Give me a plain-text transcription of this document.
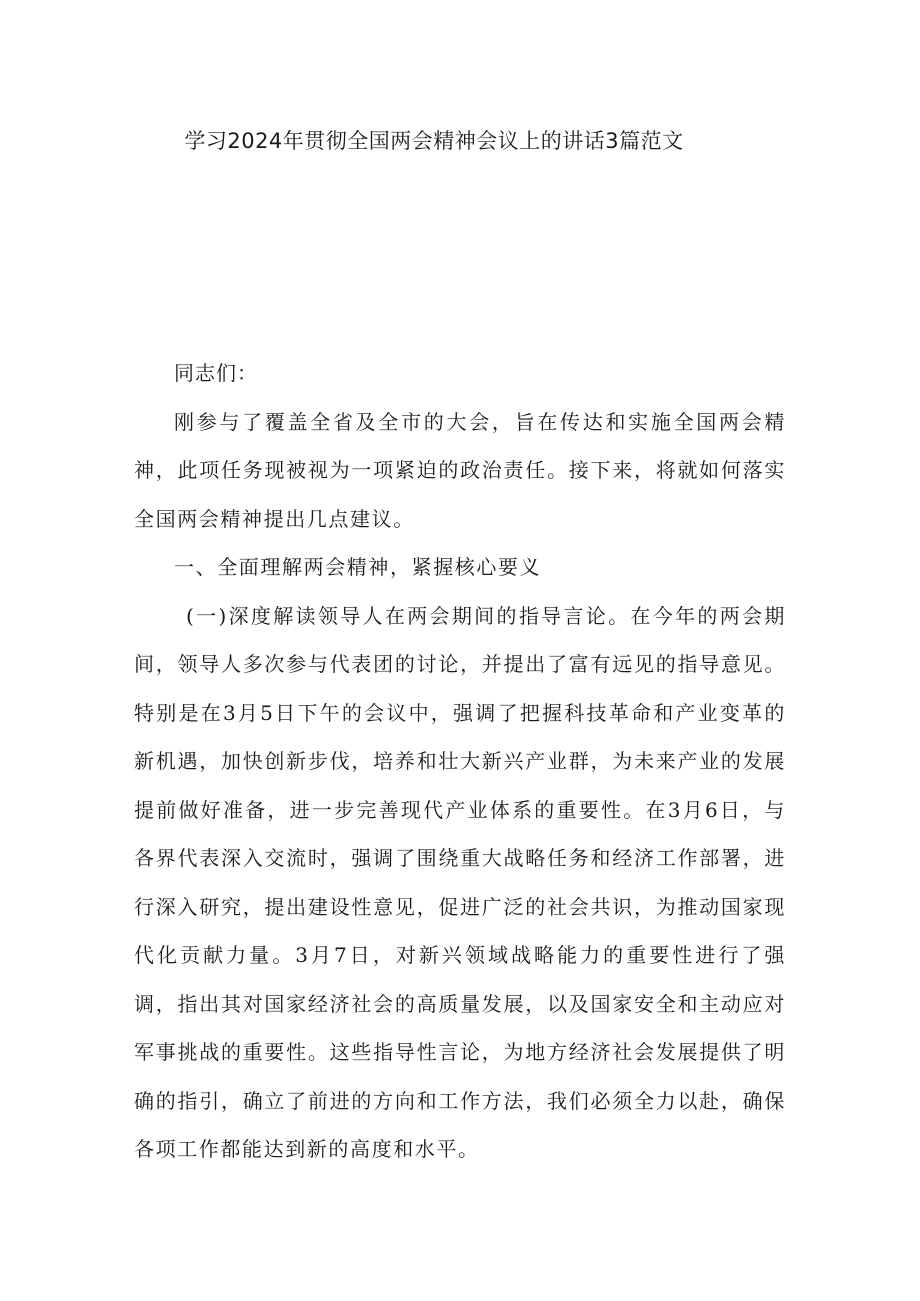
学习2024年贯彻全国两会精神会议上的讲话3篇范文

同志们：

刚参与了覆盖全省及全市的大会，旨在传达和实施全国两会精神，此项任务现被视为一项紧迫的政治责任。接下来，将就如何落实全国两会精神提出几点建议。

一、全面理解两会精神，紧握核心要义

(一)深度解读领导人在两会期间的指导言论。在今年的两会期间，领导人多次参与代表团的讨论，并提出了富有远见的指导意见。特别是在3月5日下午的会议中，强调了把握科技革命和产业变革的新机遇，加快创新步伐，培养和壮大新兴产业群，为未来产业的发展提前做好准备，进一步完善现代产业体系的重要性。在3月6日，与各界代表深入交流时，强调了围绕重大战略任务和经济工作部署，进行深入研究，提出建设性意见，促进广泛的社会共识，为推动国家现代化贡献力量。3月7日，对新兴领域战略能力的重要性进行了强调，指出其对国家经济社会的高质量发展，以及国家安全和主动应对军事挑战的重要性。这些指导性言论，为地方经济社会发展提供了明确的指引，确立了前进的方向和工作方法，我们必须全力以赴，确保各项工作都能达到新的高度和水平。
